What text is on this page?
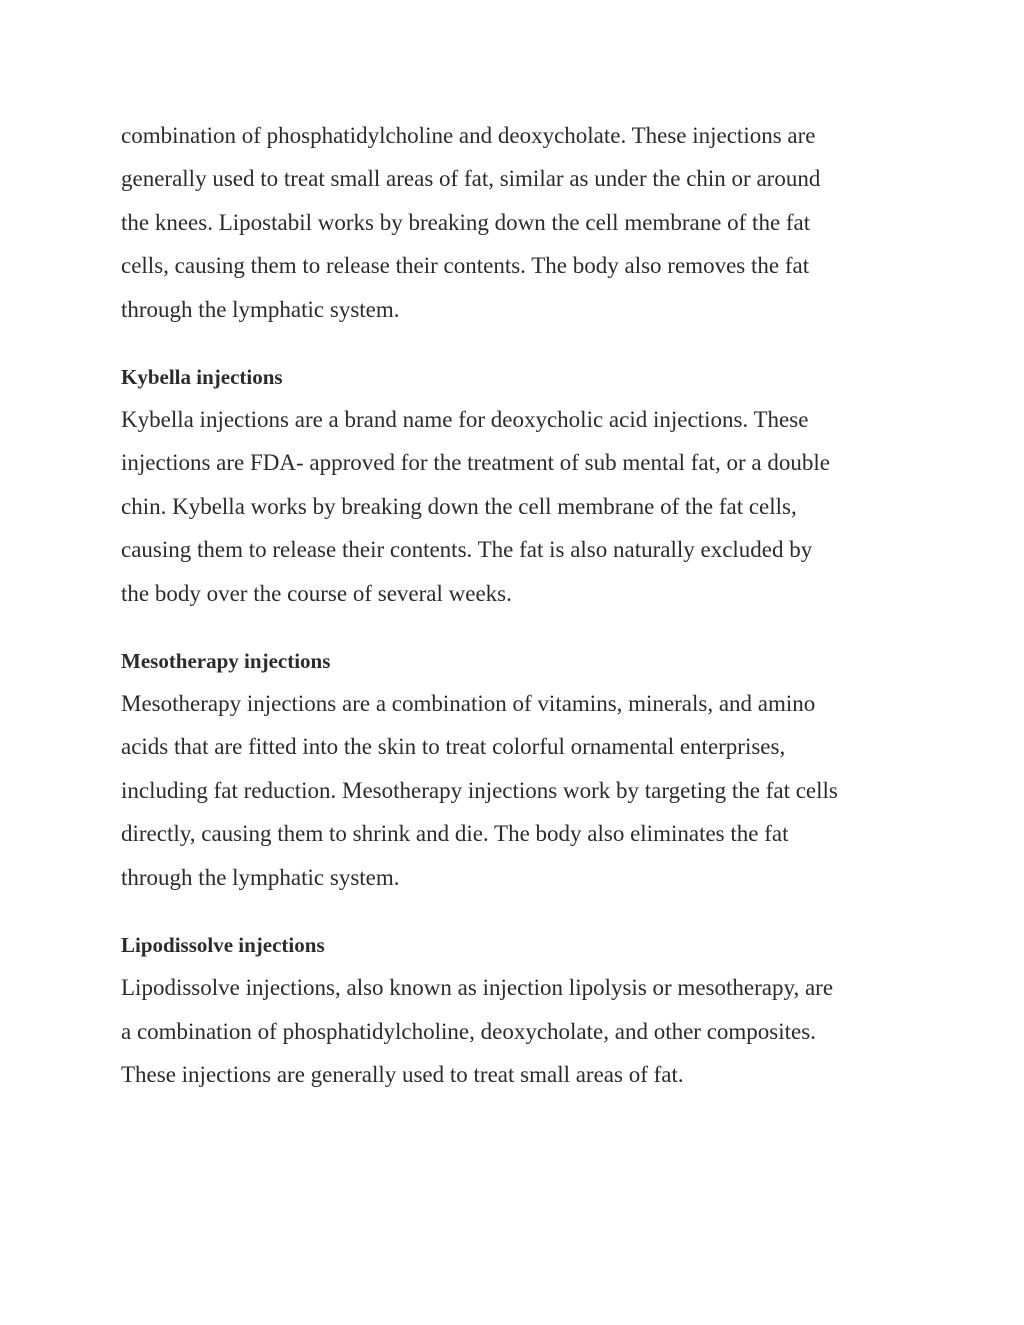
combination of phosphatidylcholine and deoxycholate. These injections are
generally used to treat small areas of fat, similar as under the chin or around
the knees. Lipostabil works by breaking down the cell membrane of the fat
cells, causing them to release their contents. The body also removes the fat
through the lymphatic system.

Kybella injections

Kybella injections are a brand name for deoxycholic acid injections. These
injections are FDA- approved for the treatment of sub mental fat, or a double
chin. Kybella works by breaking down the cell membrane of the fat cells,
causing them to release their contents. The fat is also naturally excluded by
the body over the course of several weeks.

Mesotherapy injections

Mesotherapy injections are a combination of vitamins, minerals, and amino
acids that are fitted into the skin to treat colorful ornamental enterprises,
including fat reduction. Mesotherapy injections work by targeting the fat cells
directly, causing them to shrink and die. The body also eliminates the fat
through the lymphatic system.

Lipodissolve injections

Lipodissolve injections, also known as injection lipolysis or mesotherapy, are
a combination of phosphatidylcholine, deoxycholate, and other composites.
These injections are generally used to treat small areas of fat.
